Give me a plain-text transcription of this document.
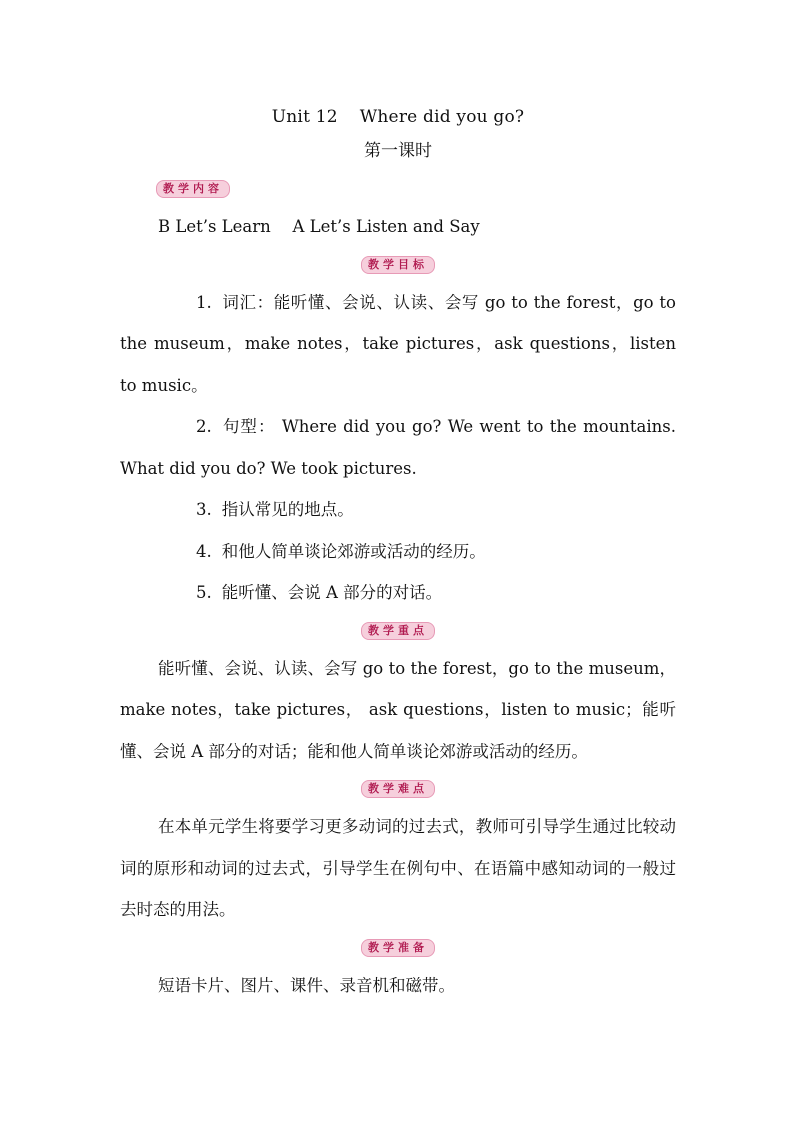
Unit 12 Where did you go?

第一课时

教学内容

B Let’s Learn　 A Let’s Listen and Say

教学目标

1. 词汇：能听懂、会说、认读、会写 go to the forest，go to the museum，make notes，take pictures，ask questions，listen to music。

2. 句型： Where did you go? We went to the mountains. What did you do? We took pictures.

3. 指认常见的地点。

4. 和他人简单谈论郊游或活动的经历。

5. 能听懂、会说 A 部分的对话。

教学重点

能听懂、会说、认读、会写 go to the forest，go to the museum，make notes，take pictures， ask questions，listen to music；能听懂、会说 A 部分的对话；能和他人简单谈论郊游或活动的经历。

教学难点

在本单元学生将要学习更多动词的过去式，教师可引导学生通过比较动词的原形和动词的过去式，引导学生在例句中、在语篇中感知动词的一般过去时态的用法。

教学准备

短语卡片、图片、课件、录音机和磁带。
